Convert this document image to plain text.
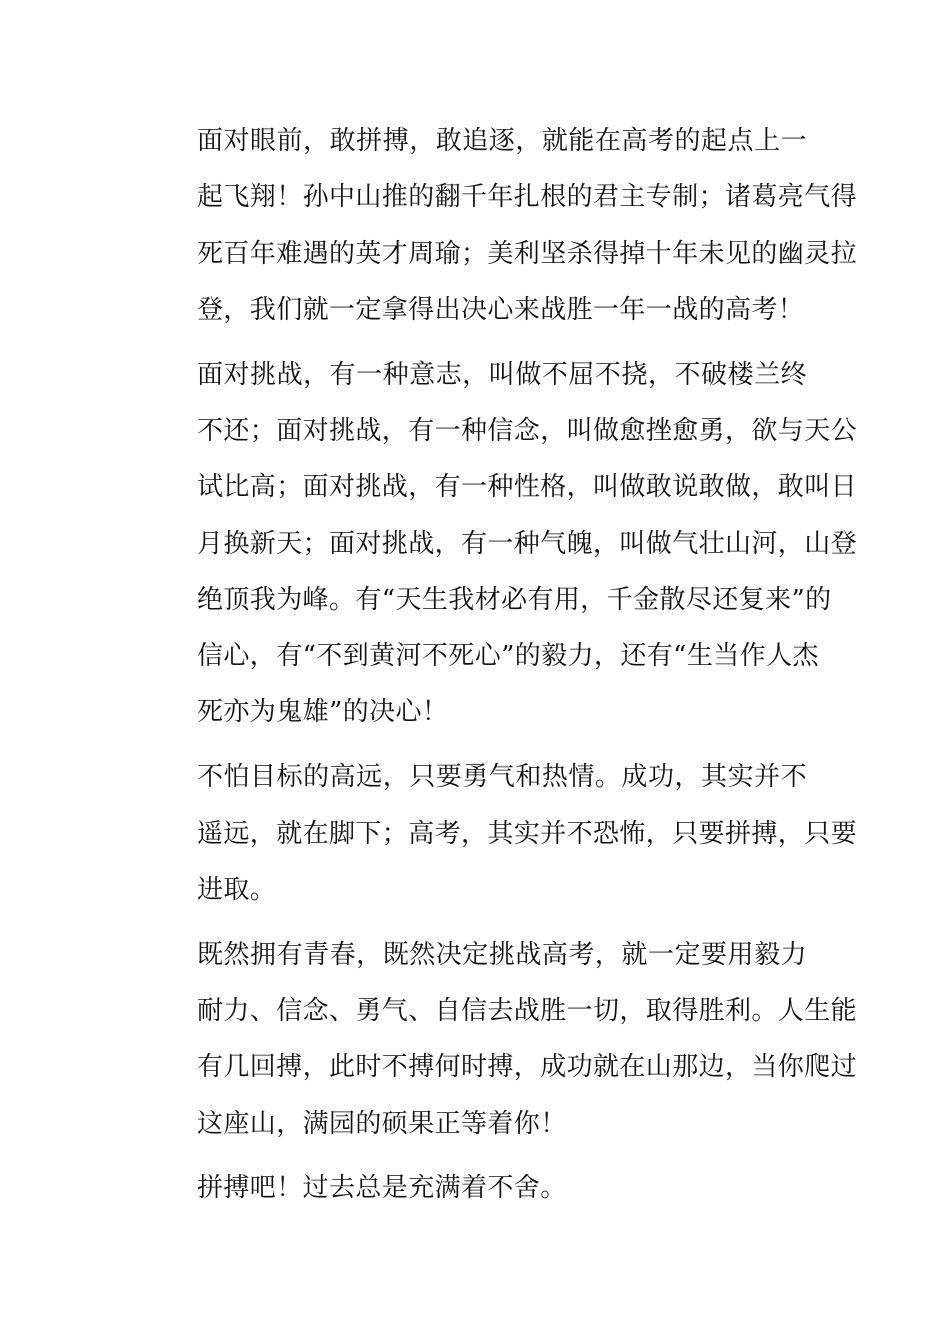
面对眼前，敢拼搏，敢追逐，就能在高考的起点上一
起飞翔！孙中山推的翻千年扎根的君主专制；诸葛亮气得
死百年难遇的英才周瑜；美利坚杀得掉十年未见的幽灵拉
登，我们就一定拿得出决心来战胜一年一战的高考！

面对挑战，有一种意志，叫做不屈不挠，不破楼兰终
不还；面对挑战，有一种信念，叫做愈挫愈勇，欲与天公
试比高；面对挑战，有一种性格，叫做敢说敢做，敢叫日
月换新天；面对挑战，有一种气魄，叫做气壮山河，山登
绝顶我为峰。有“天生我材必有用，千金散尽还复来”的
信心，有“不到黄河不死心”的毅力，还有“生当作人杰
死亦为鬼雄”的决心！

不怕目标的高远，只要勇气和热情。成功，其实并不
遥远，就在脚下；高考，其实并不恐怖，只要拼搏，只要
进取。

既然拥有青春，既然决定挑战高考，就一定要用毅力
耐力、信念、勇气、自信去战胜一切，取得胜利。人生能
有几回搏，此时不搏何时搏，成功就在山那边，当你爬过
这座山，满园的硕果正等着你！

拼搏吧！过去总是充满着不舍。
